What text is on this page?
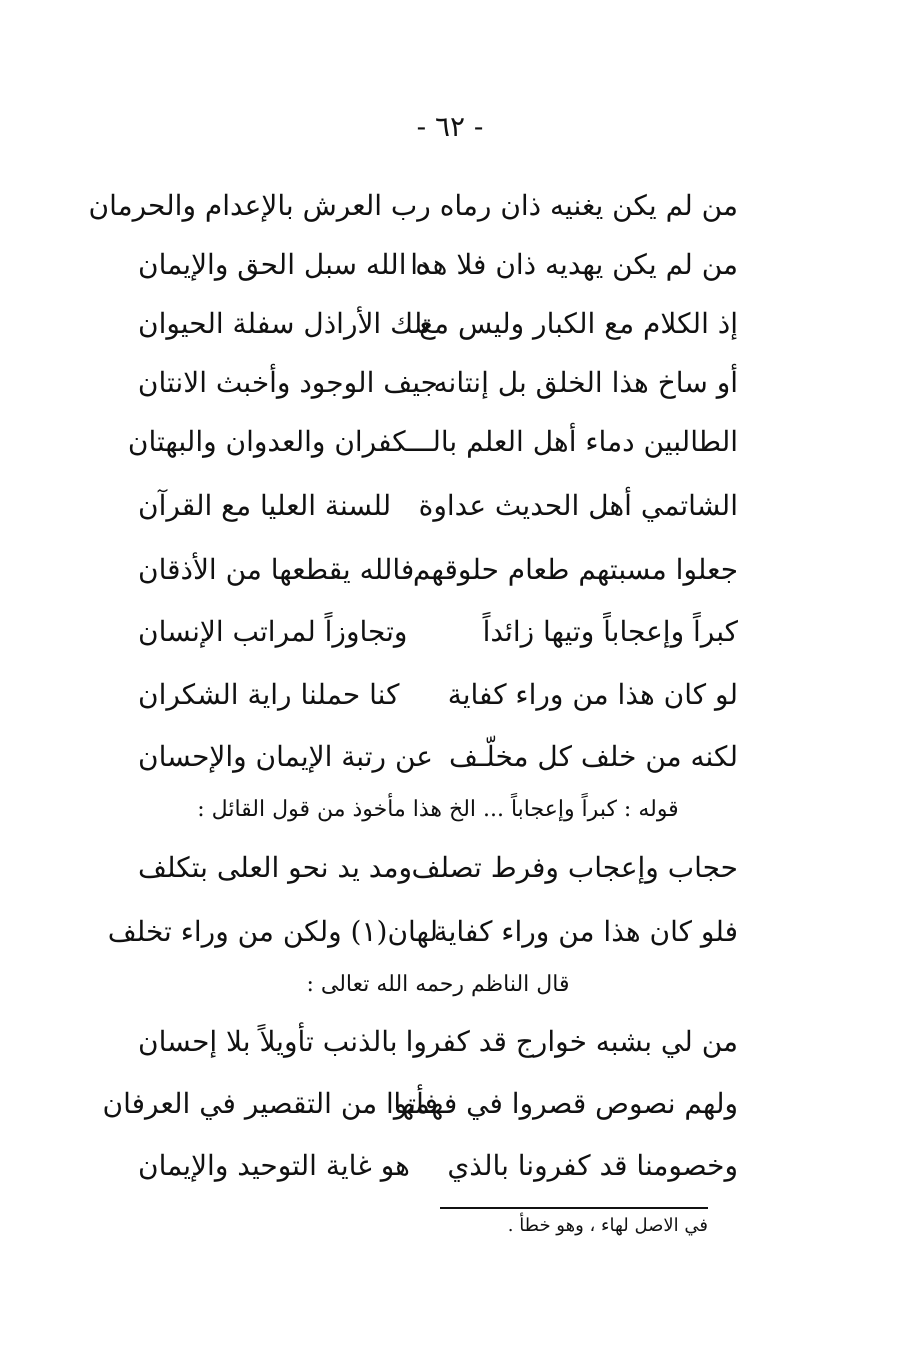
- ٦٢ -
من لم يكن يغنيه ذان رماه رب العرش بالإعدام والحرمان
من لم يكن يهديه ذان فلا هدا
ه الله سبل الحق والإيمان
إذ الكلام مع الكبار وليس مع
تلك الأراذل سفلة الحيوان
أو ساخ هذا الخلق بل إنتانه
جيف الوجود وأخبث الانتان
الطالبين دماء أهل العلم بالـــكفران والعدوان والبهتان
الشاتمي أهل الحديث عداوة
للسنة العليا مع القرآن
جعلوا مسبتهم طعام حلوقهم
فالله يقطعها من الأذقان
كبراً وإعجاباً وتيها زائداً
وتجاوزاً لمراتب الإنسان
لو كان هذا من وراء كفاية
كنا حملنا راية الشكران
لكنه من خلف كل مخلّـف
عن رتبة الإيمان والإحسان
قوله : كبراً وإعجاباً ... الخ هذا مأخوذ من قول القائل :
حجاب وإعجاب وفرط تصلف
ومد يد نحو العلى بتكلف
فلو كان هذا من وراء كفاية
لهان(١) ولكن من وراء تخلف
قال الناظم رحمه الله تعالى :
من لي بشبه خوارج قد كفروا
بالذنب تأويلاً بلا إحسان
ولهم نصوص قصروا في فهمها
فأتوا من التقصير في العرفان
وخصومنا قد كفرونا بالذي
هو غاية التوحيد والإيمان
في الاصل لهاء ، وهو خطأ .
